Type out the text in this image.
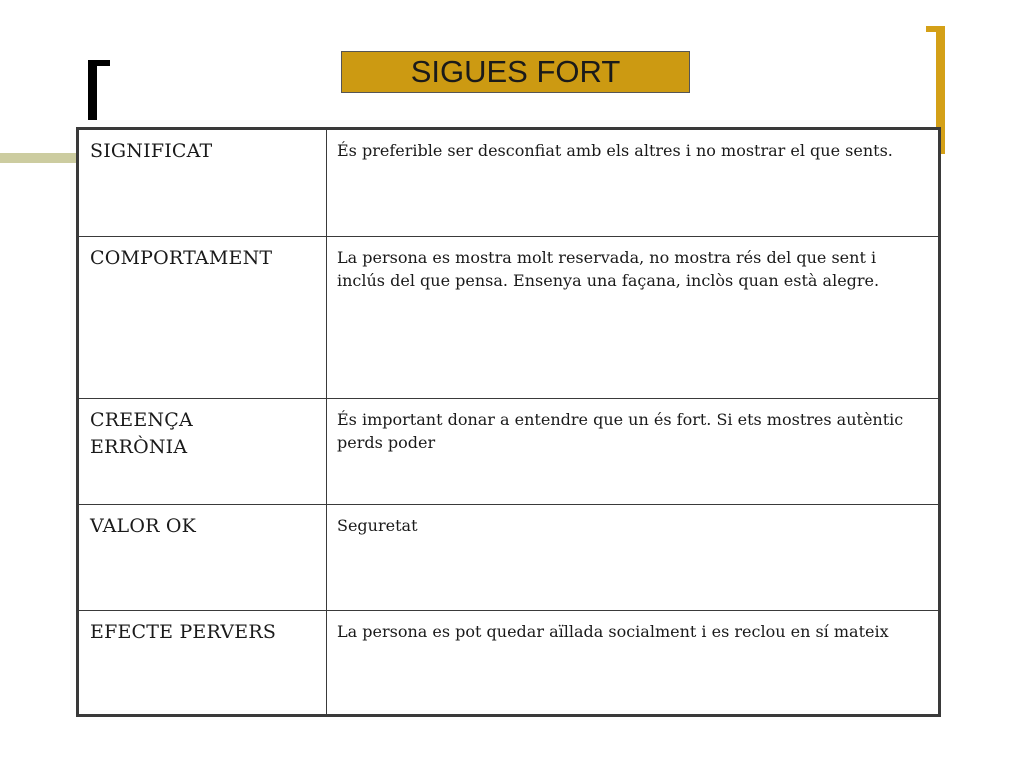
SIGUES FORT
SIGNIFICAT	És preferible ser desconfiat amb els altres i no mostrar el que sents.

COMPORTAMENT	La persona es mostra molt reservada, no mostra rés del que sent i inclús del que pensa. Ensenya una façana, inclòs quan està alegre.

CREENÇA
ERRÒNIA	És important donar a entendre que un és fort. Si ets mostres autèntic perds poder

VALOR OK	Seguretat

EFECTE PERVERS	La persona es pot quedar aïllada socialment i es reclou en sí mateix
